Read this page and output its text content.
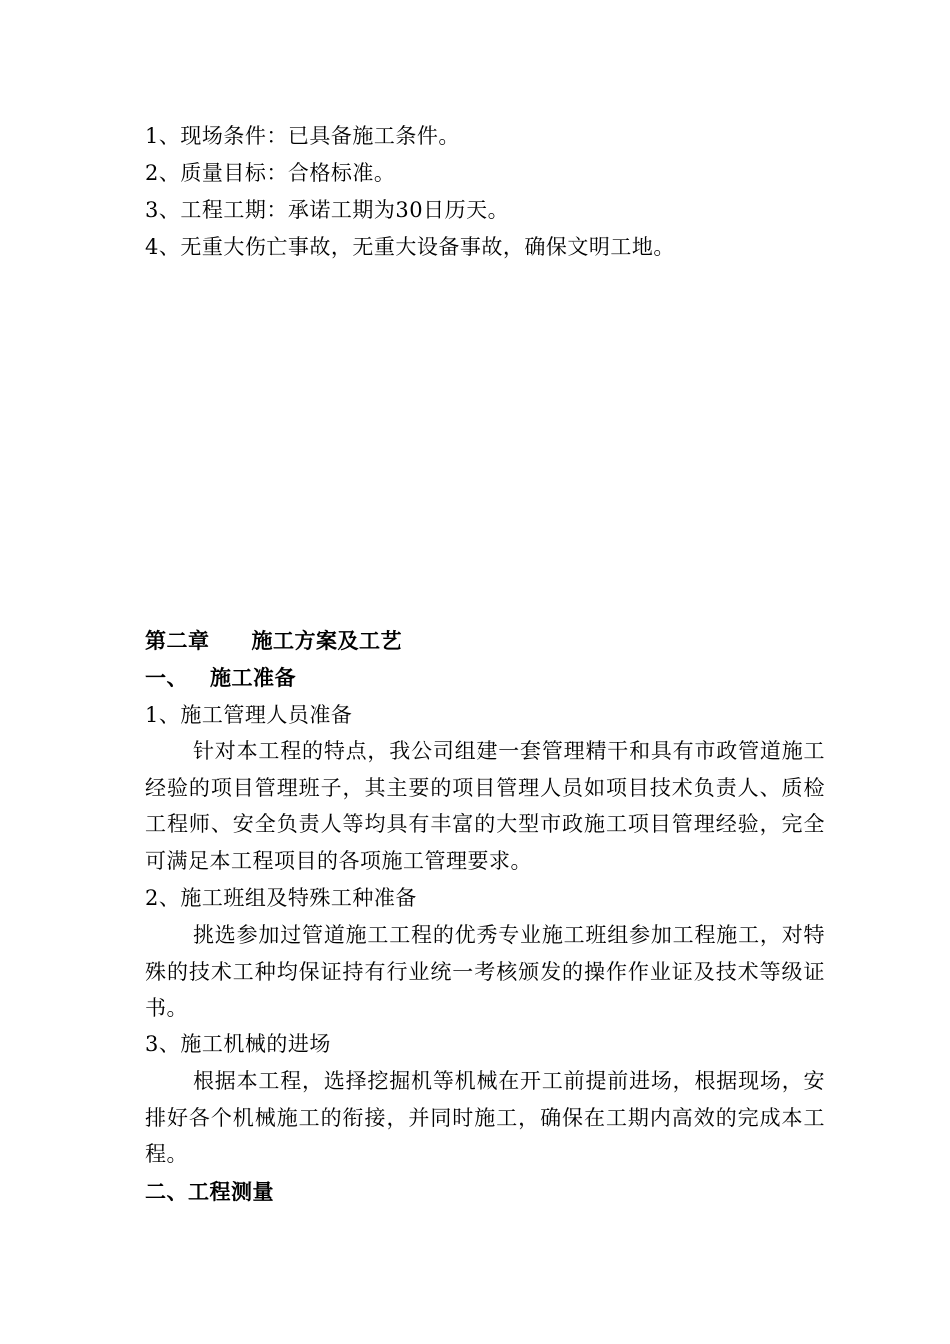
1、现场条件：已具备施工条件。
2、质量目标：合格标准。
3、工程工期：承诺工期为30日历天。
4、无重大伤亡事故，无重大设备事故，确保文明工地。
第二章 施工方案及工艺
一、 施工准备
1、施工管理人员准备
针对本工程的特点，我公司组建一套管理精干和具有市政管道施工经验的项目管理班子，其主要的项目管理人员如项目技术负责人、质检工程师、安全负责人等均具有丰富的大型市政施工项目管理经验，完全可满足本工程项目的各项施工管理要求。
2、施工班组及特殊工种准备
挑选参加过管道施工工程的优秀专业施工班组参加工程施工，对特殊的技术工种均保证持有行业统一考核颁发的操作作业证及技术等级证书。
3、施工机械的进场
根据本工程，选择挖掘机等机械在开工前提前进场，根据现场，安排好各个机械施工的衔接，并同时施工，确保在工期内高效的完成本工程。
二、工程测量
